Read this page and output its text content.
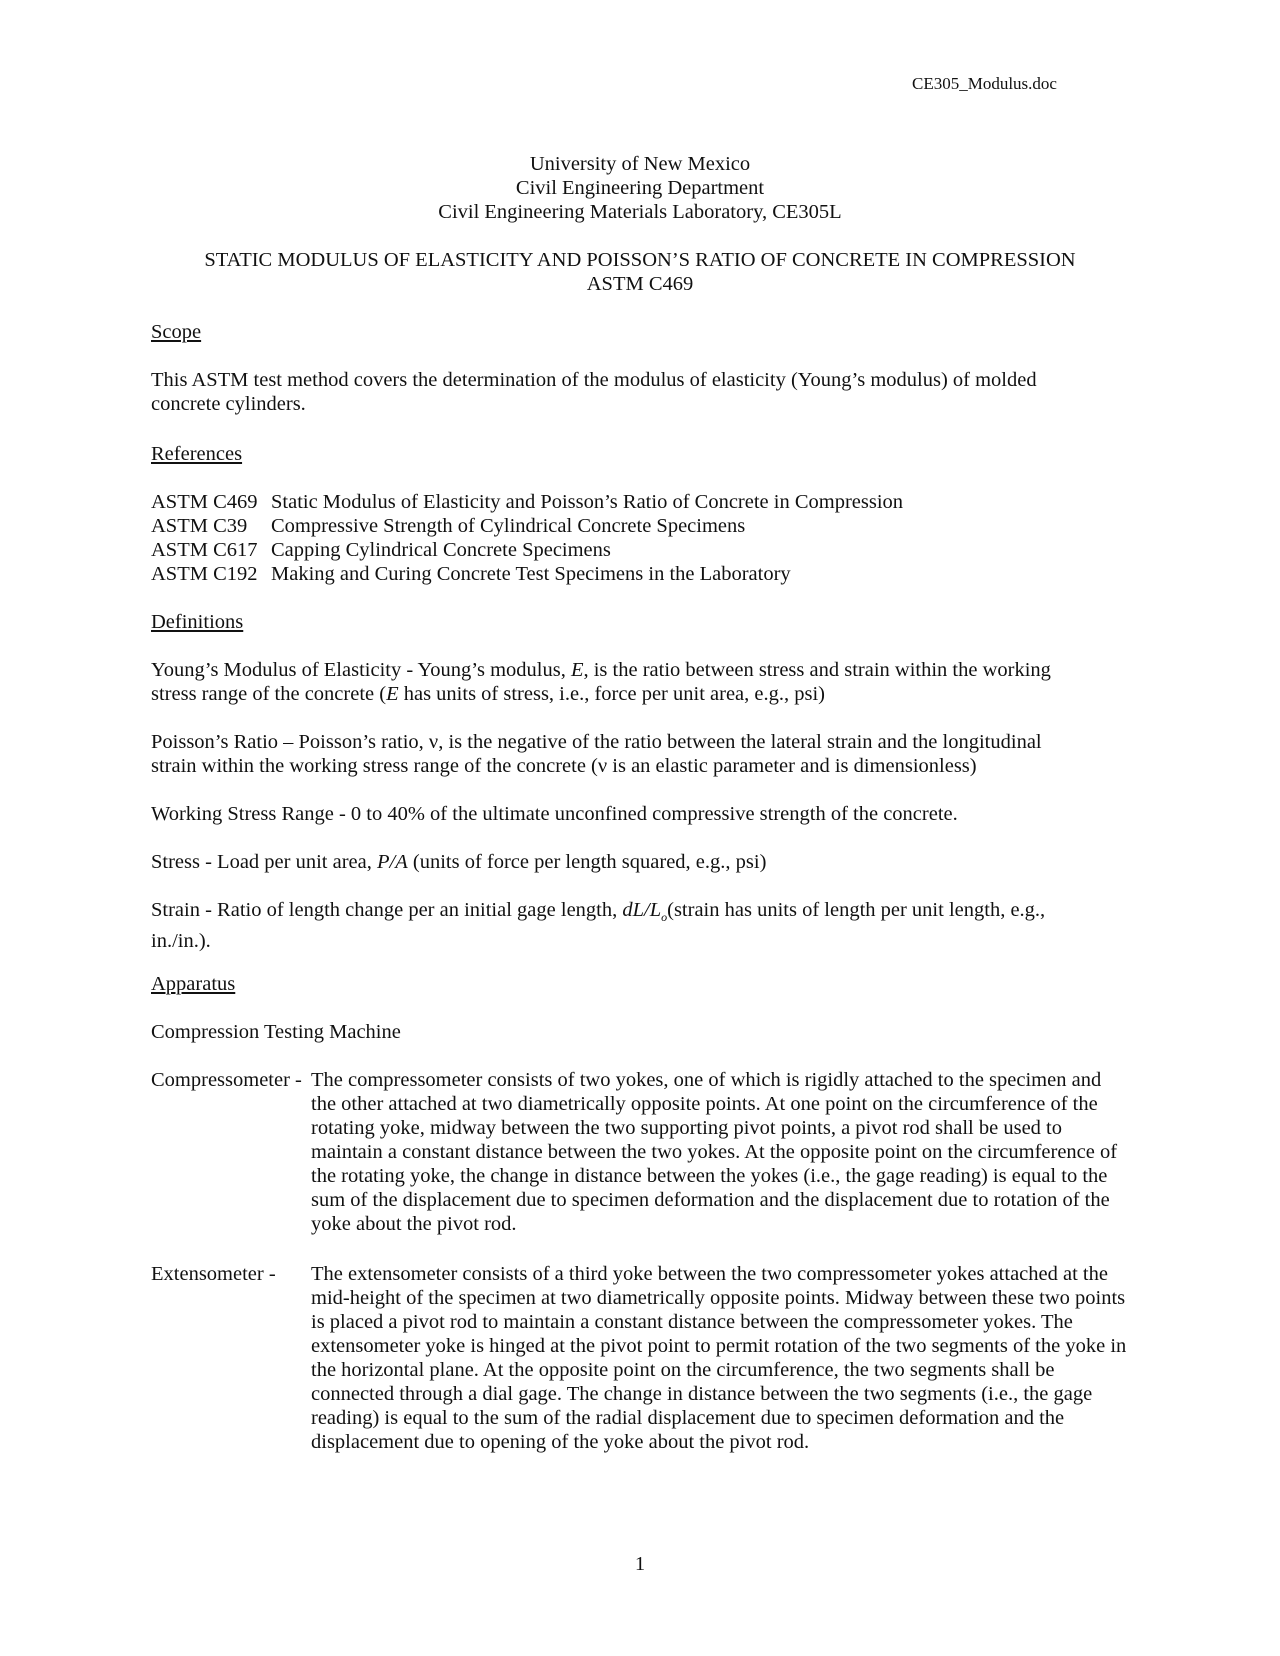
CE305_Modulus.doc
University of New Mexico
Civil Engineering Department
Civil Engineering Materials Laboratory, CE305L
STATIC MODULUS OF ELASTICITY AND POISSON’S RATIO OF CONCRETE IN COMPRESSION
ASTM C469
Scope
This ASTM test method covers the determination of the modulus of elasticity (Young’s modulus) of molded concrete cylinders.
References
ASTM C469 Static Modulus of Elasticity and Poisson’s Ratio of Concrete in Compression
ASTM C39	Compressive Strength of Cylindrical Concrete Specimens
ASTM C617 Capping Cylindrical Concrete Specimens
ASTM C192 Making and Curing Concrete Test Specimens in the Laboratory
Definitions
Young’s Modulus of Elasticity - Young’s modulus, E, is the ratio between stress and strain within the working stress range of the concrete (E has units of stress, i.e., force per unit area, e.g., psi)
Poisson’s Ratio – Poisson’s ratio, ν, is the negative of the ratio between the lateral strain and the longitudinal strain within the working stress range of the concrete (ν is an elastic parameter and is dimensionless)
Working Stress Range - 0 to 40% of the ultimate unconfined compressive strength of the concrete.
Stress - Load per unit area, P/A (units of force per length squared, e.g., psi)
Strain - Ratio of length change per an initial gage length, $dL/L_o(strain$ has units of length per unit length, e.g., in./in.).
Apparatus
Compression Testing Machine
Compressometer - The compressometer consists of two yokes, one of which is rigidly attached to the specimen and the other attached at two diametrically opposite points. At one point on the circumference of the rotating yoke, midway between the two supporting pivot points, a pivot rod shall be used to maintain a constant distance between the two yokes. At the opposite point on the circumference of the rotating yoke, the change in distance between the yokes (i.e., the gage reading) is equal to the sum of the displacement due to specimen deformation and the displacement due to rotation of the yoke about the pivot rod.
Extensometer -	The extensometer consists of a third yoke between the two compressometer yokes attached at the mid-height of the specimen at two diametrically opposite points. Midway between these two points is placed a pivot rod to maintain a constant distance between the compressometer yokes. The extensometer yoke is hinged at the pivot point to permit rotation of the two segments of the yoke in the horizontal plane. At the opposite point on the circumference, the two segments shall be connected through a dial gage. The change in distance between the two segments (i.e., the gage reading) is equal to the sum of the radial displacement due to specimen deformation and the displacement due to opening of the yoke about the pivot rod.
1
